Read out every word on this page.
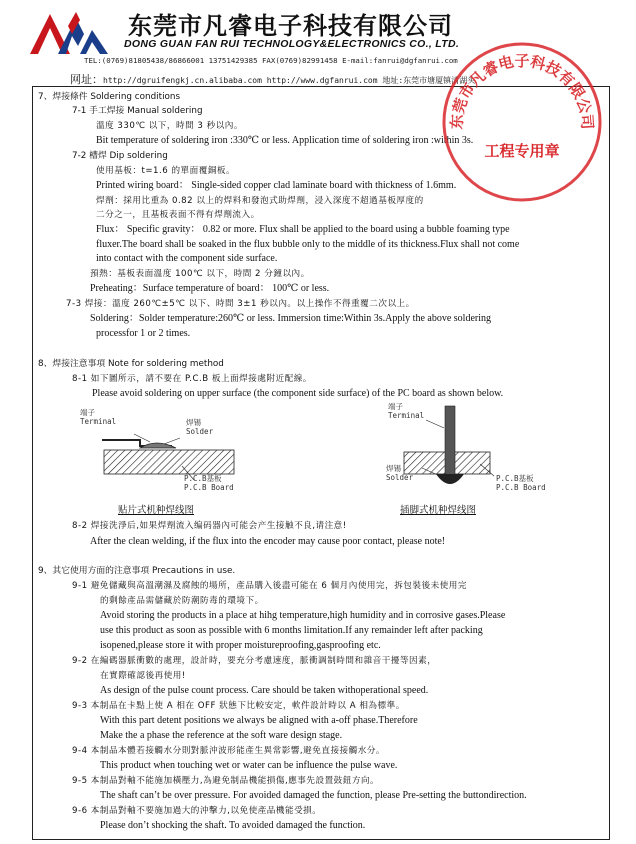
东莞市凡睿电子科技有限公司
DONG GUAN FAN RUI TECHNOLOGY&ELECTRONICS CO., LTD.
TEL:(0769)81805438/86866001 13751429385 FAX(0769)82991458 E-mail:fanrui@dgfanrui.com
网址：http://dgruifengkj.cn.alibaba.com http://www.dgfanrui.com 地址:东莞市塘厦镇清湖头
7、焊接條件 Soldering conditions
7-1 手工焊接 Manual soldering
溫度 330℃ 以下，時間 3 秒以內。
Bit temperature of soldering iron :330℃ or less. Application time of soldering iron :within 3s.
7-2 槽焊 Dip soldering
使用基板：t=1.6 的單面覆銅板。
Printed wiring board： Single-sided copper clad laminate board with thickness of 1.6mm.
焊劑：採用比重為 0.82 以上的焊料和發泡式助焊劑，浸入深度不超過基板厚度的
二分之一，且基板表面不得有焊劑流入。
Flux： Specific gravity： 0.82 or more. Flux shall be applied to the board using a bubble foaming type
fluxer.The board shall be soaked in the flux bubble only to the middle of its thickness.Flux shall not come
into contact with the component side surface.
預熱：基板表面溫度 100℃ 以下，時間 2 分鐘以內。
Preheating：Surface temperature of board： 100℃ or less.
7-3 焊接：溫度 260℃±5℃ 以下、時間 3±1 秒以內。以上操作不得重覆二次以上。
Soldering：Solder temperature:260℃ or less. Immersion time:Within 3s.Apply the above soldering
processfor 1 or 2 times.
8、焊接注意事項 Note for soldering method
8-1 如下圖所示，請不要在 P.C.B 板上面焊接處附近配線。
Please avoid soldering on upper surface (the component side surface) of the PC board as shown below.
端子
Terminal	焊锡
Solder
P.C.B基板
P.C.B Board
贴片式机种焊线图
端子
Terminal
焊锡
Solder	P.C.B基板
P.C.B Board
插脚式机种焊线图
8-2 焊接洗淨后,如果焊劑流入编码器內可能会产生接触不良,请注意!
After the clean welding, if the flux into the encoder may cause poor contact, please note!
9、其它使用方面的注意事項 Precautions in use.
9-1 避免儲藏與高溫潮濕及腐蝕的場所，產品購入後盡可能在 6 個月內使用完，拆包裝後未使用完
的剩餘產品需儲藏於防潮防毒的環境下。
Avoid storing the products in a place at hihg temperature,high humidity and in corrosive gases.Please
use this product as soon as possible with 6 months limitation.If any remainder left after packing
isopened,please store it with proper moistureproofing,gasproofing etc.
9-2 在編碼器脈衝數的處理，設計時，要充分考慮速度，脈衝調制時間和雜音干擾等因素，
在實際確認後再使用!
As design of the pulse count process. Care should be taken withoperational speed.
9-3 本制品在卡點上使 A 相在 OFF 狀態下比較安定，軟件設計時以 A 相為標準。
With this part detent positions we always be aligned with a-off phase.Therefore
Make the a phase the reference at the soft ware design stage.
9-4 本制品本體若接觸水分則對脈沖波形能產生異常影響,避免直接接觸水分。
This product when touching wet or water can be influence the pulse wave.
9-5 本制品對軸不能施加橫壓力,為避免制品機能損傷,應事先設置鼓鈕方向。
The shaft can’t be over pressure. For avoided damaged the function, please Pre-setting the buttondirection.
9-6 本制品對軸不要施加過大的沖擊力,以免使產品機能受損。
Please don’t shocking the shaft. To avoided damaged the function.
东莞市凡睿电子科技有限公司
工程专用章
